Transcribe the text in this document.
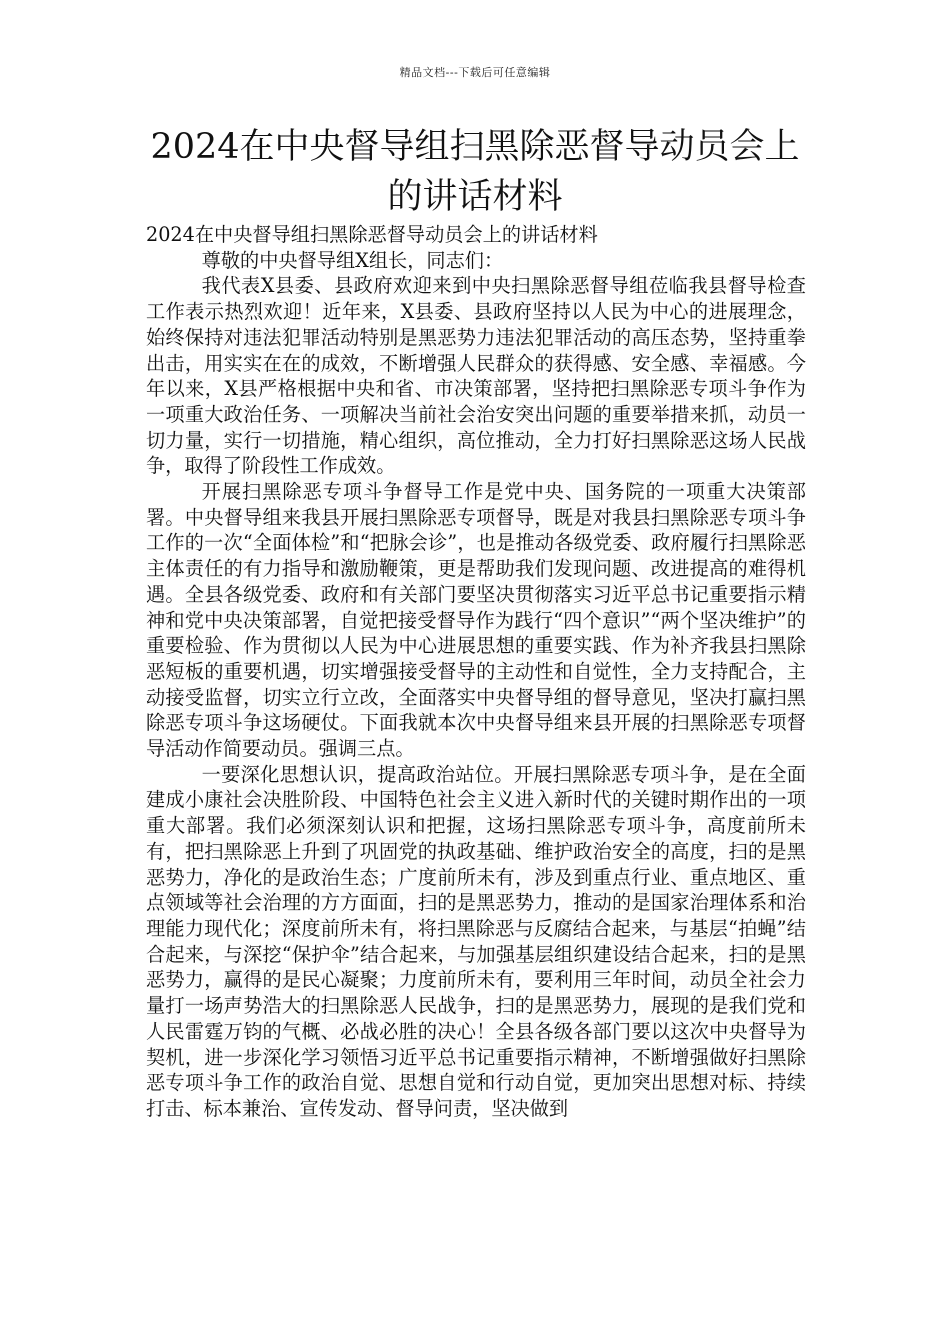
精品文档---下载后可任意编辑
2024在中央督导组扫黑除恶督导动员会上的讲话材料

2024在中央督导组扫黑除恶督导动员会上的讲话材料

尊敬的中央督导组X组长，同志们：

我代表X县委、县政府欢迎来到中央扫黑除恶督导组莅临我县督导检查工作表示热烈欢迎！近年来，X县委、县政府坚持以人民为中心的进展理念，始终保持对违法犯罪活动特别是黑恶势力违法犯罪活动的高压态势，坚持重拳出击，用实实在在的成效，不断增强人民群众的获得感、安全感、幸福感。今年以来，X县严格根据中央和省、市决策部署，坚持把扫黑除恶专项斗争作为一项重大政治任务、一项解决当前社会治安突出问题的重要举措来抓，动员一切力量，实行一切措施，精心组织，高位推动，全力打好扫黑除恶这场人民战争，取得了阶段性工作成效。

开展扫黑除恶专项斗争督导工作是党中央、国务院的一项重大决策部署。中央督导组来我县开展扫黑除恶专项督导，既是对我县扫黑除恶专项斗争工作的一次“全面体检”和“把脉会诊”，也是推动各级党委、政府履行扫黑除恶主体责任的有力指导和激励鞭策，更是帮助我们发现问题、改进提高的难得机遇。全县各级党委、政府和有关部门要坚决贯彻落实习近平总书记重要指示精神和党中央决策部署，自觉把接受督导作为践行“四个意识”“两个坚决维护”的重要检验、作为贯彻以人民为中心进展思想的重要实践、作为补齐我县扫黑除恶短板的重要机遇，切实增强接受督导的主动性和自觉性，全力支持配合，主动接受监督，切实立行立改，全面落实中央督导组的督导意见，坚决打赢扫黑除恶专项斗争这场硬仗。下面我就本次中央督导组来县开展的扫黑除恶专项督导活动作简要动员。强调三点。

一要深化思想认识，提高政治站位。开展扫黑除恶专项斗争，是在全面建成小康社会决胜阶段、中国特色社会主义进入新时代的关键时期作出的一项重大部署。我们必须深刻认识和把握，这场扫黑除恶专项斗争，高度前所未有，把扫黑除恶上升到了巩固党的执政基础、维护政治安全的高度，扫的是黑恶势力，净化的是政治生态；广度前所未有，涉及到重点行业、重点地区、重点领域等社会治理的方方面面，扫的是黑恶势力，推动的是国家治理体系和治理能力现代化；深度前所未有，将扫黑除恶与反腐结合起来，与基层“拍蝇”结合起来，与深挖“保护伞”结合起来，与加强基层组织建设结合起来，扫的是黑恶势力，赢得的是民心凝聚；力度前所未有，要利用三年时间，动员全社会力量打一场声势浩大的扫黑除恶人民战争，扫的是黑恶势力，展现的是我们党和人民雷霆万钧的气概、必战必胜的决心！全县各级各部门要以这次中央督导为契机，进一步深化学习领悟习近平总书记重要指示精神，不断增强做好扫黑除恶专项斗争工作的政治自觉、思想自觉和行动自觉，更加突出思想对标、持续打击、标本兼治、宣传发动、督导问责，坚决做到
